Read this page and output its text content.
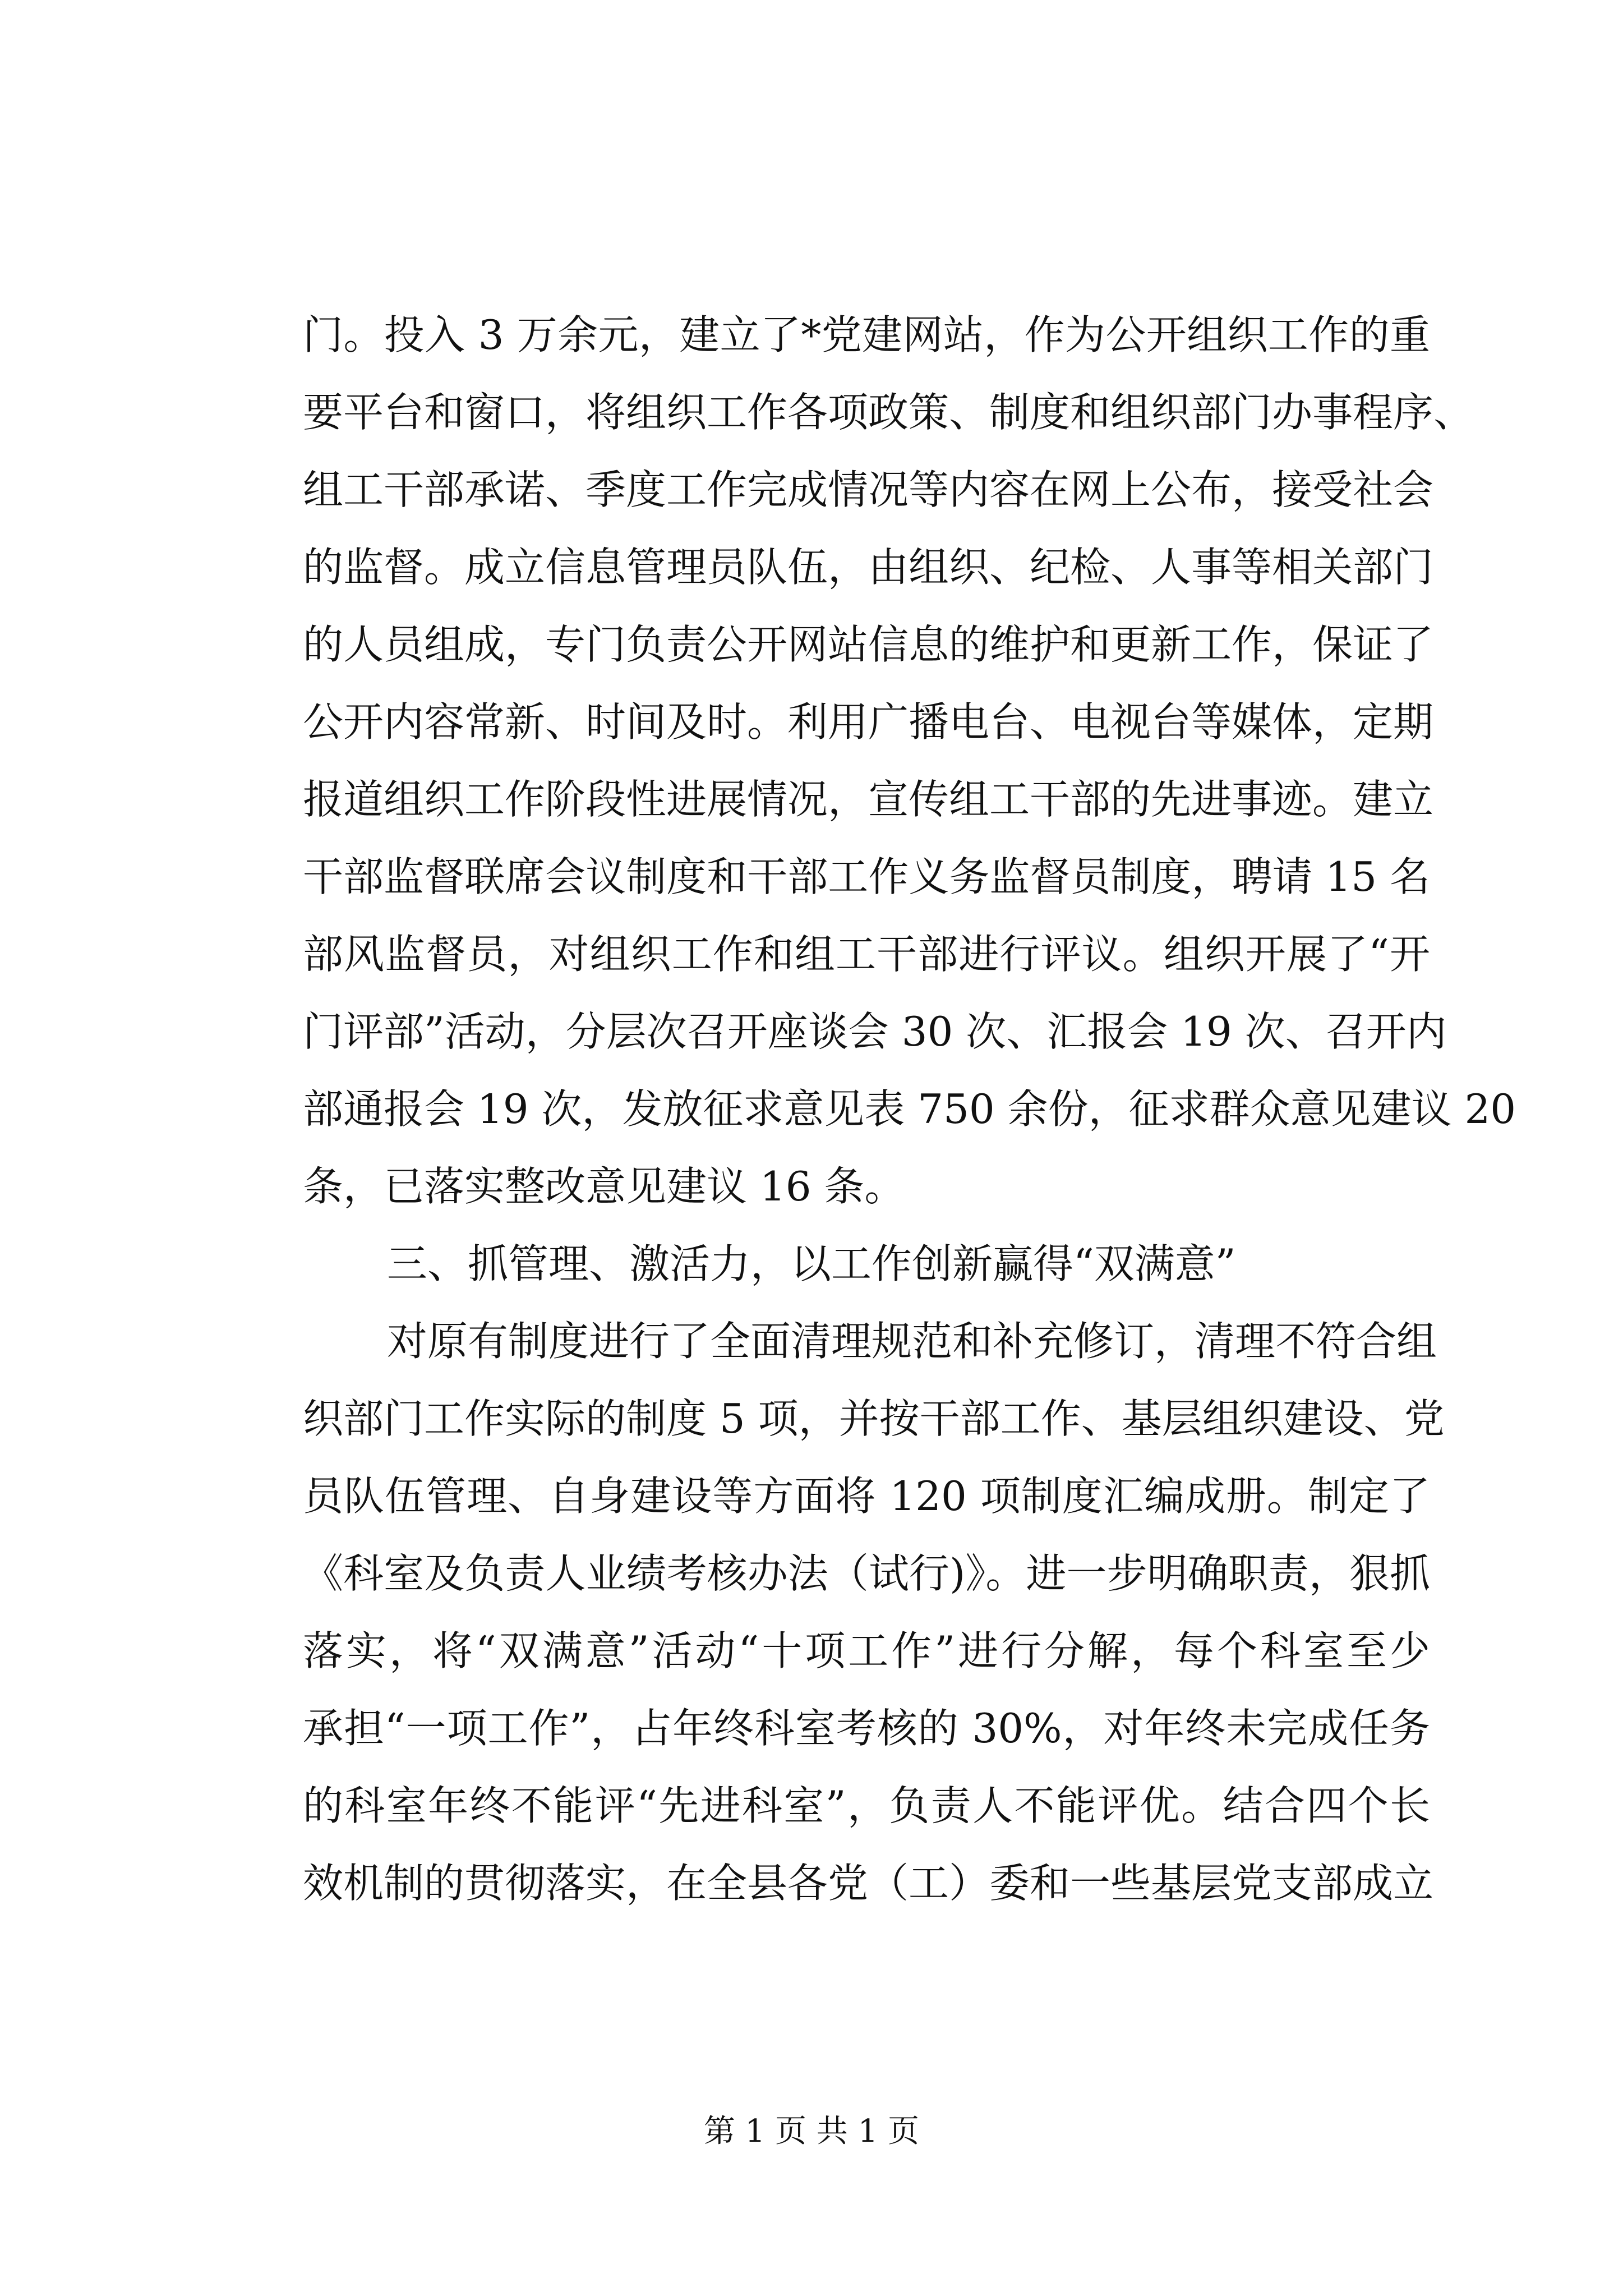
门。投入 3 万余元，建立了*党建网站，作为公开组织工作的重
要平台和窗口，将组织工作各项政策、制度和组织部门办事程序、
组工干部承诺、季度工作完成情况等内容在网上公布，接受社会
的监督。成立信息管理员队伍，由组织、纪检、人事等相关部门
的人员组成，专门负责公开网站信息的维护和更新工作，保证了
公开内容常新、时间及时。利用广播电台、电视台等媒体，定期
报道组织工作阶段性进展情况，宣传组工干部的先进事迹。建立
干部监督联席会议制度和干部工作义务监督员制度，聘请 15 名
部风监督员，对组织工作和组工干部进行评议。组织开展了“开
门评部”活动，分层次召开座谈会 30 次、汇报会 19 次、召开内
部通报会 19 次，发放征求意见表 750 余份，征求群众意见建议 20
条，已落实整改意见建议 16 条。
三、抓管理、激活力，以工作创新赢得“双满意”
对原有制度进行了全面清理规范和补充修订，清理不符合组
织部门工作实际的制度 5 项，并按干部工作、基层组织建设、党
员队伍管理、自身建设等方面将 120 项制度汇编成册。制定了
《科室及负责人业绩考核办法（试行)》。进一步明确职责，狠抓
落实，将“双满意”活动“十项工作”进行分解，每个科室至少
承担“一项工作”，占年终科室考核的 30%，对年终未完成任务
的科室年终不能评“先进科室”，负责人不能评优。结合四个长
效机制的贯彻落实，在全县各党（工）委和一些基层党支部成立
第 1 页 共 1 页
